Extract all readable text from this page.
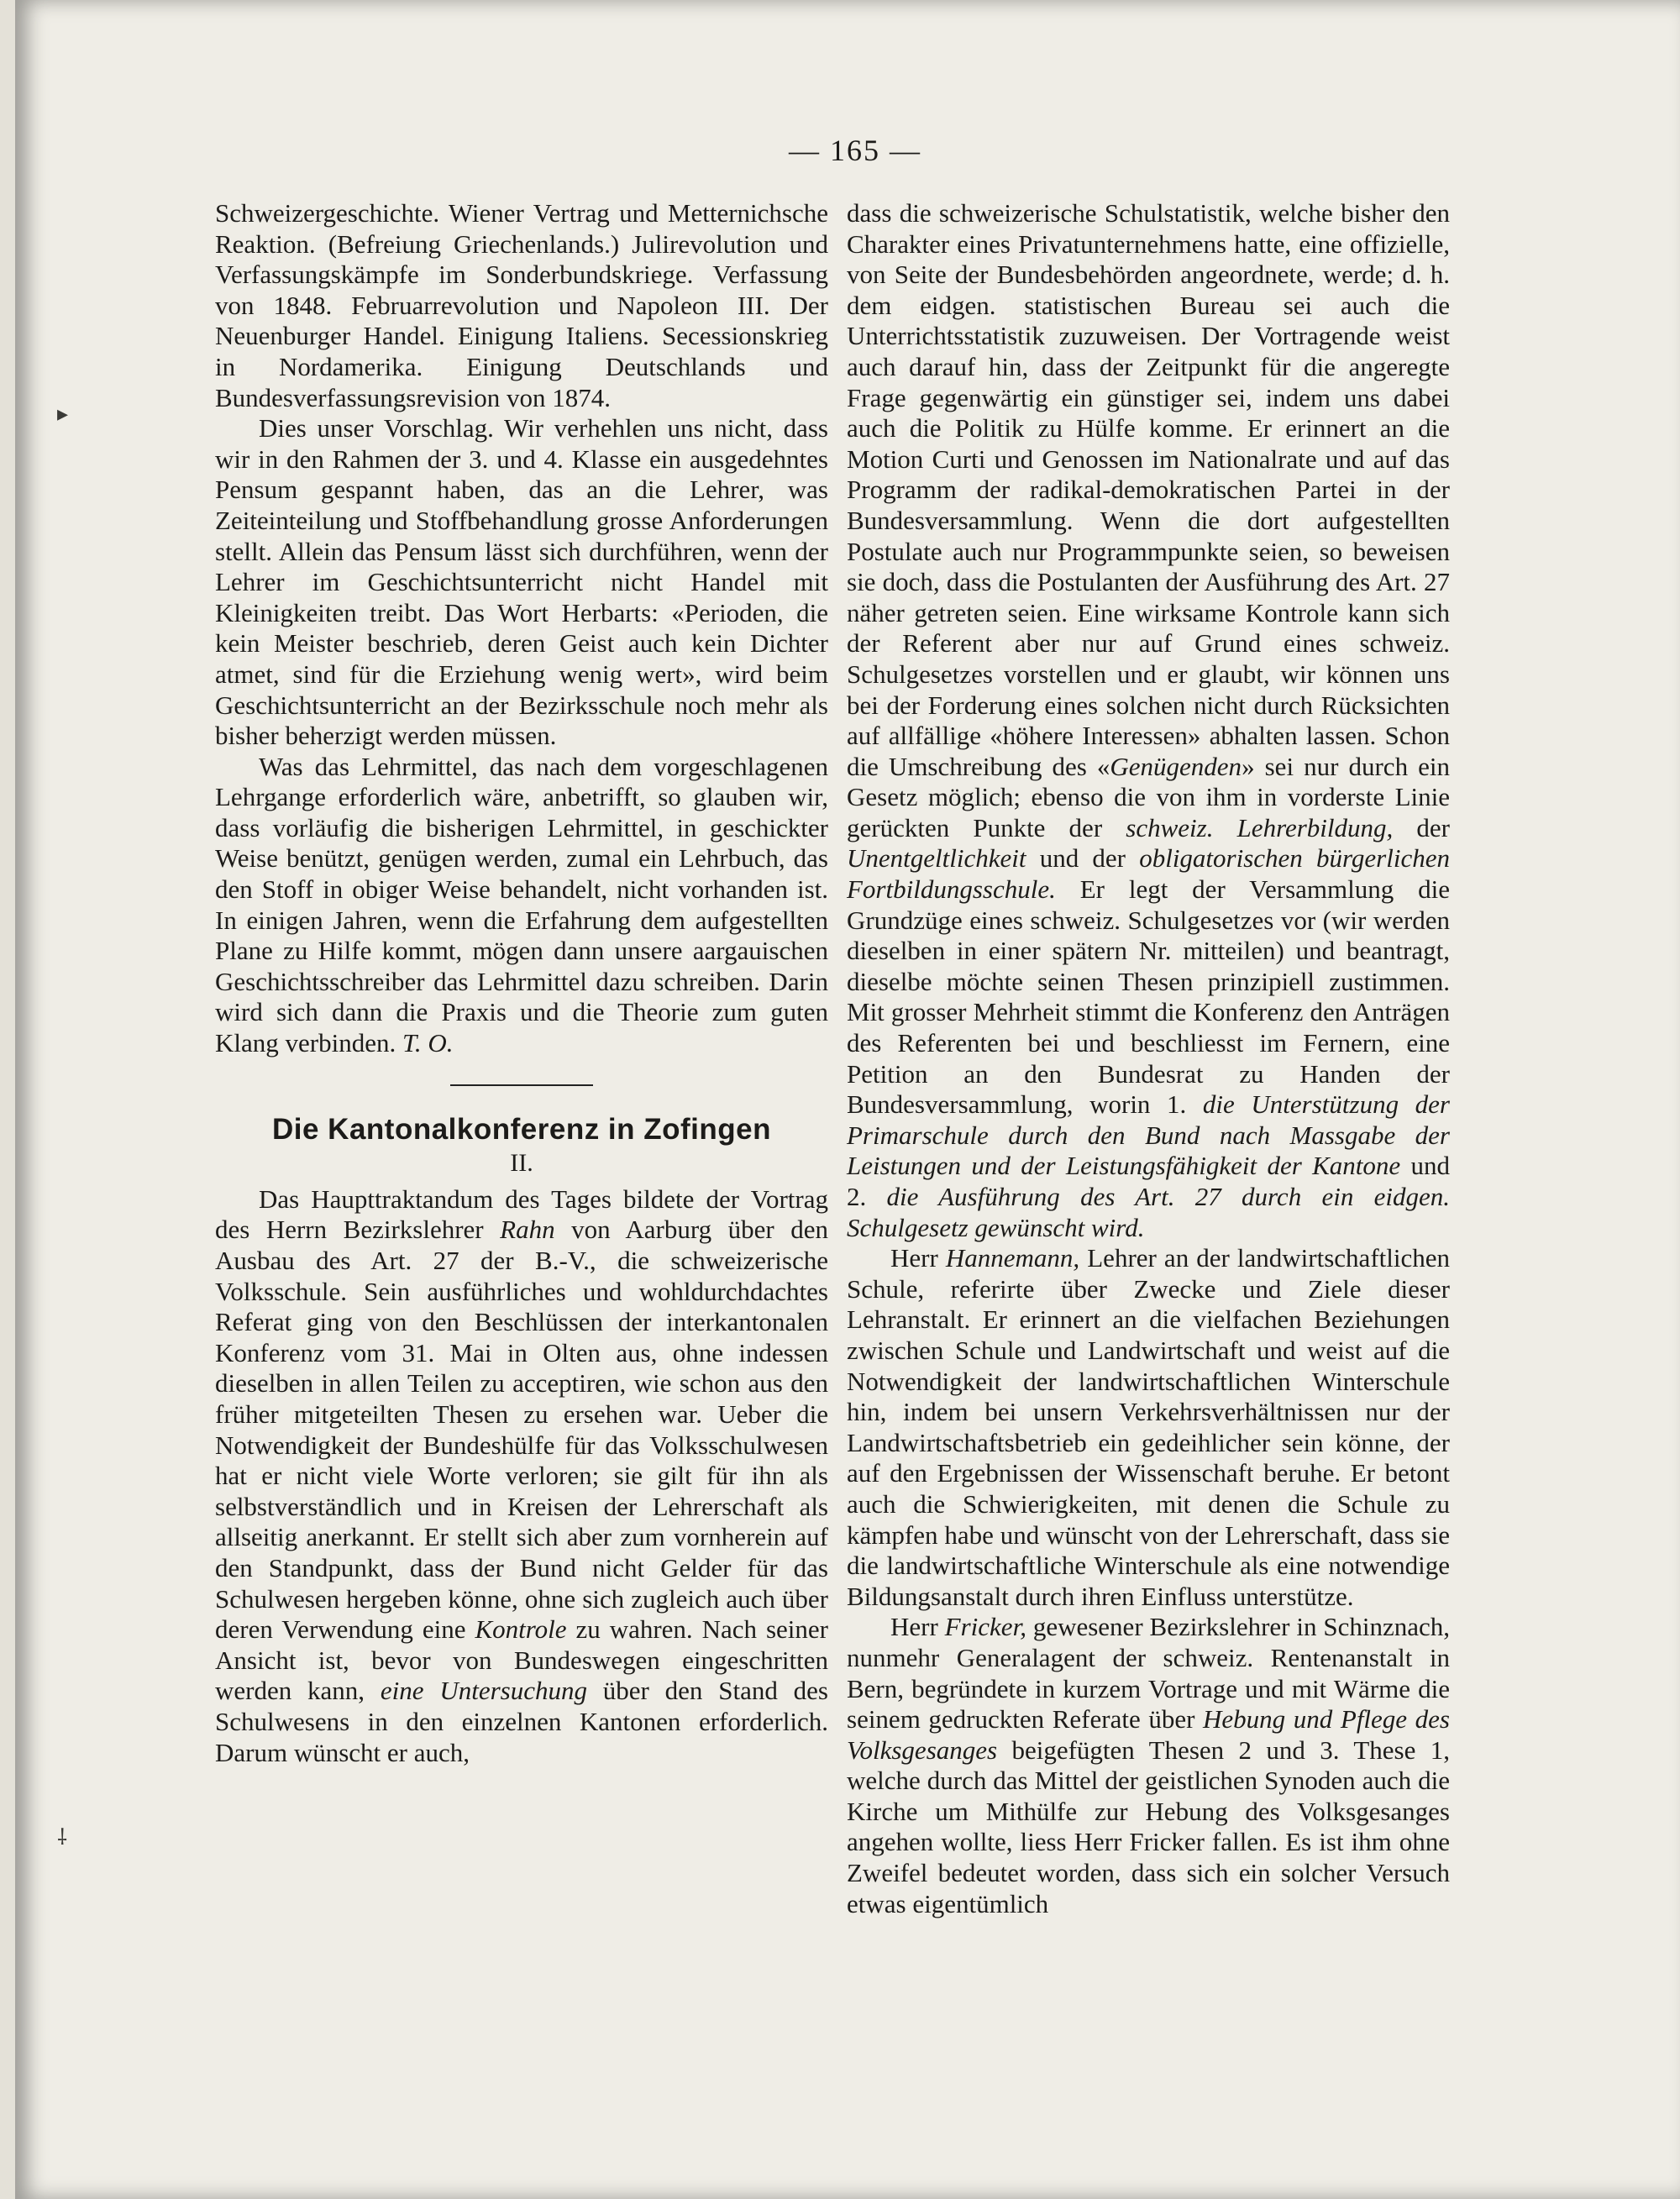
— 165 —
▸
⸸

Schweizergeschichte. Wiener Vertrag und Metternichsche Reaktion. (Befreiung Griechenlands.) Julirevolution und Verfassungskämpfe im Sonderbundskriege. Verfassung von 1848. Februarrevolution und Napoleon III. Der Neuenburger Handel. Einigung Italiens. Secessionskrieg in Nordamerika. Einigung Deutschlands und Bundesverfassungsrevision von 1874.

Dies unser Vorschlag. Wir verhehlen uns nicht, dass wir in den Rahmen der 3. und 4. Klasse ein ausgedehntes Pensum gespannt haben, das an die Lehrer, was Zeiteinteilung und Stoffbehandlung grosse Anforderungen stellt. Allein das Pensum lässt sich durchführen, wenn der Lehrer im Geschichtsunterricht nicht Handel mit Kleinigkeiten treibt. Das Wort Herbarts: «Perioden, die kein Meister beschrieb, deren Geist auch kein Dichter atmet, sind für die Erziehung wenig wert», wird beim Geschichtsunterricht an der Bezirksschule noch mehr als bisher beherzigt werden müssen.

Was das Lehrmittel, das nach dem vorgeschlagenen Lehrgange erforderlich wäre, anbetrifft, so glauben wir, dass vorläufig die bisherigen Lehrmittel, in geschickter Weise benützt, genügen werden, zumal ein Lehrbuch, das den Stoff in obiger Weise behandelt, nicht vorhanden ist. In einigen Jahren, wenn die Erfahrung dem aufgestellten Plane zu Hilfe kommt, mögen dann unsere aargauischen Geschichtsschreiber das Lehrmittel dazu schreiben. Darin wird sich dann die Praxis und die Theorie zum guten Klang verbinden. T. O.

Die Kantonalkonferenz in Zofingen
II.

Das Haupttraktandum des Tages bildete der Vortrag des Herrn Bezirkslehrer Rahn von Aarburg über den Ausbau des Art. 27 der B.-V., die schweizerische Volksschule. Sein ausführliches und wohldurchdachtes Referat ging von den Beschlüssen der interkantonalen Konferenz vom 31. Mai in Olten aus, ohne indessen dieselben in allen Teilen zu acceptiren, wie schon aus den früher mitgeteilten Thesen zu ersehen war. Ueber die Notwendigkeit der Bundeshülfe für das Volksschulwesen hat er nicht viele Worte verloren; sie gilt für ihn als selbstverständlich und in Kreisen der Lehrerschaft als allseitig anerkannt. Er stellt sich aber zum vornherein auf den Standpunkt, dass der Bund nicht Gelder für das Schulwesen hergeben könne, ohne sich zugleich auch über deren Verwendung eine Kontrole zu wahren. Nach seiner Ansicht ist, bevor von Bundeswegen eingeschritten werden kann, eine Untersuchung über den Stand des Schulwesens in den einzelnen Kantonen erforderlich. Darum wünscht er auch,

dass die schweizerische Schulstatistik, welche bisher den Charakter eines Privatunternehmens hatte, eine offizielle, von Seite der Bundesbehörden angeordnete, werde; d. h. dem eidgen. statistischen Bureau sei auch die Unterrichtsstatistik zuzuweisen. Der Vortragende weist auch darauf hin, dass der Zeitpunkt für die angeregte Frage gegenwärtig ein günstiger sei, indem uns dabei auch die Politik zu Hülfe komme. Er erinnert an die Motion Curti und Genossen im Nationalrate und auf das Programm der radikal-demokratischen Partei in der Bundesversammlung. Wenn die dort aufgestellten Postulate auch nur Programmpunkte seien, so beweisen sie doch, dass die Postulanten der Ausführung des Art. 27 näher getreten seien. Eine wirksame Kontrole kann sich der Referent aber nur auf Grund eines schweiz. Schulgesetzes vorstellen und er glaubt, wir können uns bei der Forderung eines solchen nicht durch Rücksichten auf allfällige «höhere Interessen» abhalten lassen. Schon die Umschreibung des «Genügenden» sei nur durch ein Gesetz möglich; ebenso die von ihm in vorderste Linie gerückten Punkte der schweiz. Lehrerbildung, der Unentgeltlichkeit und der obligatorischen bürgerlichen Fortbildungsschule. Er legt der Versammlung die Grundzüge eines schweiz. Schulgesetzes vor (wir werden dieselben in einer spätern Nr. mitteilen) und beantragt, dieselbe möchte seinen Thesen prinzipiell zustimmen. Mit grosser Mehrheit stimmt die Konferenz den Anträgen des Referenten bei und beschliesst im Fernern, eine Petition an den Bundesrat zu Handen der Bundesversammlung, worin 1. die Unterstützung der Primarschule durch den Bund nach Massgabe der Leistungen und der Leistungsfähigkeit der Kantone und 2. die Ausführung des Art. 27 durch ein eidgen. Schulgesetz gewünscht wird.

Herr Hannemann, Lehrer an der landwirtschaftlichen Schule, referirte über Zwecke und Ziele dieser Lehranstalt. Er erinnert an die vielfachen Beziehungen zwischen Schule und Landwirtschaft und weist auf die Notwendigkeit der landwirtschaftlichen Winterschule hin, indem bei unsern Verkehrsverhältnissen nur der Landwirtschaftsbetrieb ein gedeihlicher sein könne, der auf den Ergebnissen der Wissenschaft beruhe. Er betont auch die Schwierigkeiten, mit denen die Schule zu kämpfen habe und wünscht von der Lehrerschaft, dass sie die landwirtschaftliche Winterschule als eine notwendige Bildungsanstalt durch ihren Einfluss unterstütze.

Herr Fricker, gewesener Bezirkslehrer in Schinznach, nunmehr Generalagent der schweiz. Rentenanstalt in Bern, begründete in kurzem Vortrage und mit Wärme die seinem gedruckten Referate über Hebung und Pflege des Volksgesanges beigefügten Thesen 2 und 3. These 1, welche durch das Mittel der geistlichen Synoden auch die Kirche um Mithülfe zur Hebung des Volksgesanges angehen wollte, liess Herr Fricker fallen. Es ist ihm ohne Zweifel bedeutet worden, dass sich ein solcher Versuch etwas eigentümlich
